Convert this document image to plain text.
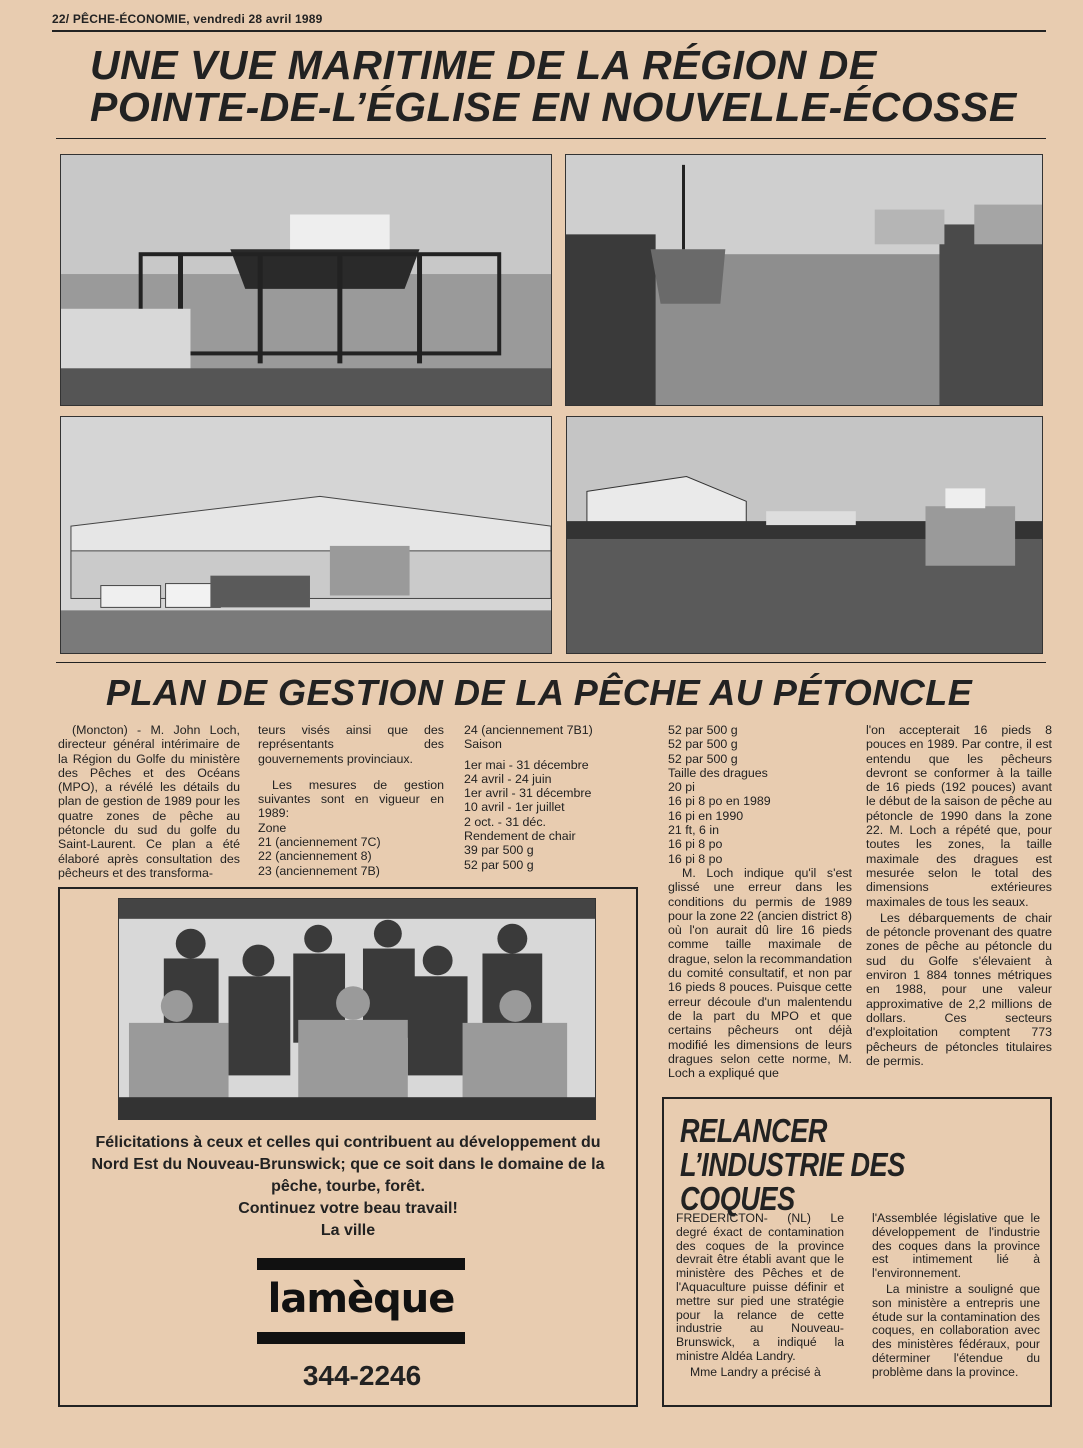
22/ PÊCHE-ÉCONOMIE, vendredi 28 avril 1989
UNE VUE MARITIME DE LA RÉGION DE
POINTE-DE-L’ÉGLISE EN NOUVELLE-ÉCOSSE
PLAN DE GESTION DE LA PÊCHE AU PÉTONCLE

(Moncton) - M. John Loch, directeur général intérimaire de la Région du Golfe du ministère des Pêches et des Océans (MPO), a révélé les détails du plan de gestion de 1989 pour les quatre zones de pêche au pétoncle du sud du golfe du Saint-Laurent. Ce plan a été élaboré après consultation des pêcheurs et des transforma-

teurs visés ainsi que des représentants des gouvernements provinciaux.

Les mesures de gestion suivantes sont en vigueur en 1989:

Zone

21 (anciennement 7C)

22 (anciennement 8)

23 (anciennement 7B)

24 (anciennement 7B1)

Saison

1er mai - 31 décembre

24 avril - 24 juin

1er avril - 31 décembre

10 avril - 1er juillet

2 oct. - 31 déc.

Rendement de chair

39 par 500 g

52 par 500 g

52 par 500 g

52 par 500 g

52 par 500 g

Taille des dragues

20 pi

16 pi 8 po en 1989

16 pi en 1990

21 ft, 6 in

16 pi 8 po

16 pi 8 po

M. Loch indique qu'il s'est glissé une erreur dans les conditions du permis de 1989 pour la zone 22 (ancien district 8) où l'on aurait dû lire 16 pieds comme taille maximale de drague, selon la recommandation du comité consultatif, et non par 16 pieds 8 pouces. Puisque cette erreur découle d'un malentendu de la part du MPO et que certains pêcheurs ont déjà modifié les dimensions de leurs dragues selon cette norme, M. Loch a expliqué que

l'on accepterait 16 pieds 8 pouces en 1989. Par contre, il est entendu que les pêcheurs devront se conformer à la taille de 16 pieds (192 pouces) avant le début de la saison de pêche au pétoncle de 1990 dans la zone 22. M. Loch a répété que, pour toutes les zones, la taille maximale des dragues est mesurée selon le total des dimensions extérieures maximales de tous les seaux.

Les débarquements de chair de pétoncle provenant des quatre zones de pêche au pétoncle du sud du Golfe s'élevaient à environ 1 884 tonnes métriques en 1988, pour une valeur approximative de 2,2 millions de dollars. Ces secteurs d'exploitation comptent 773 pêcheurs de pétoncles titulaires de permis.

Félicitations à ceux et celles qui contribuent au développement du
Nord Est du Nouveau-Brunswick; que ce soit dans le domaine de la
pêche, tourbe, forêt.
Continuez votre beau travail!
La ville
lamèque
344-2246
RELANCER
L’INDUSTRIE DES COQUES

FREDERICTON- (NL) Le degré éxact de contamination des coques de la province devrait être établi avant que le ministère des Pêches et de l'Aquaculture puisse définir et mettre sur pied une stratégie pour la relance de cette industrie au Nouveau-Brunswick, a indiqué la ministre Aldéa Landry.

Mme Landry a précisé à

l'Assemblée législative que le développement de l'industrie des coques dans la province est intimement lié à l'environnement.

La ministre a souligné que son ministère a entrepris une étude sur la contamination des coques, en collaboration avec des ministères fédéraux, pour déterminer l'étendue du problème dans la province.
